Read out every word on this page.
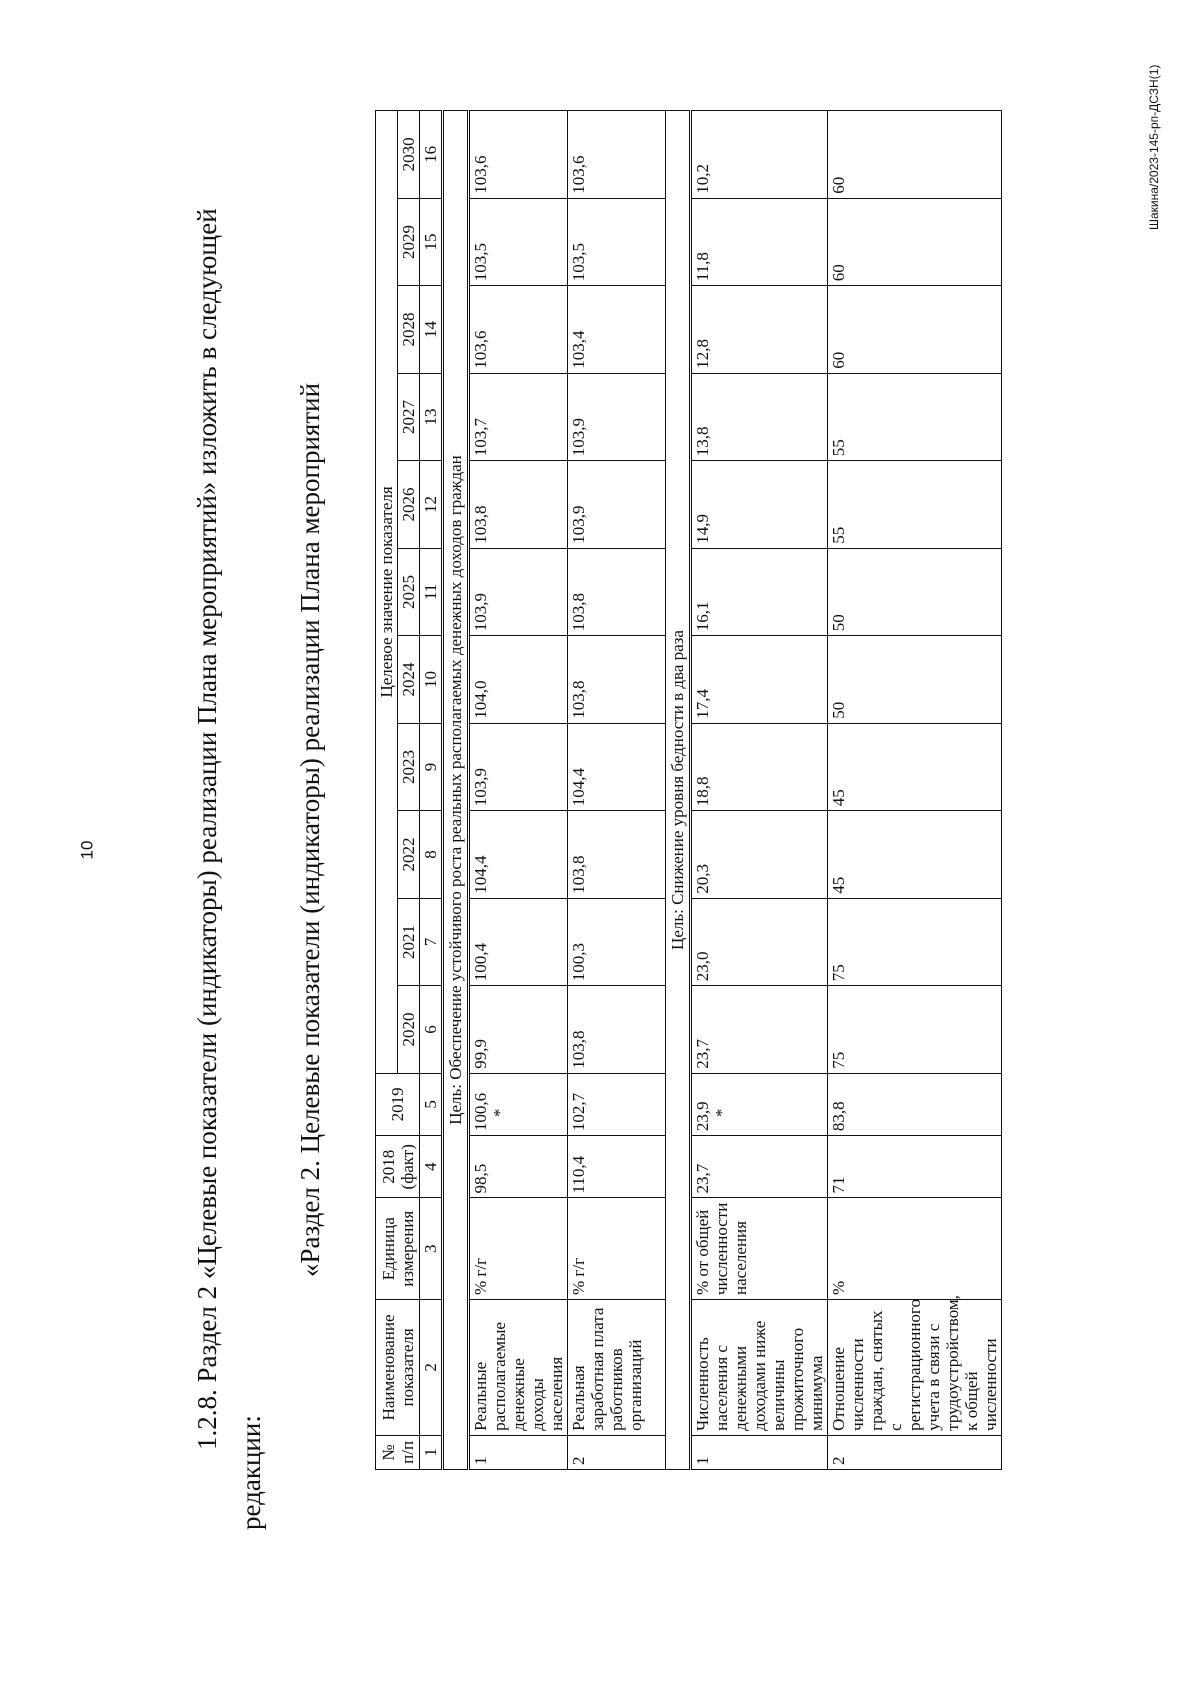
10
Шакина/2023-145-рп-ДСЗН(1)
1.2.8. Раздел 2 «Целевые показатели (индикаторы) реализации Плана мероприятий» изложить в следующей редакции:
«Раздел 2. Целевые показатели (индикаторы) реализации Плана мероприятий
№ п/п	Наименование показателя	Единица измерения	2018 (факт)	2019	Целевое значение показателя										
					2020	2021	2022	2023	2024	2025	2026	2027	2028	2029	2030
1	2	3	4	5	6	7	8	9	10	11	12	13	14	15	16
Цель: Обеспечение устойчивого роста реальных располагаемых денежных доходов граждан															
1	Реальные располагаемые денежные доходы населения	% г/г	98,5	100,6 *	99,9	100,4	104,4	103,9	104,0	103,9	103,8	103,7	103,6	103,5	103,6
2	Реальная заработная плата работников организаций	% г/г	110,4	102,7	103,8	100,3	103,8	104,4	103,8	103,8	103,9	103,9	103,4	103,5	103,6
Цель: Снижение уровня бедности в два раза															
1	Численность населения с денежными доходами ниже величины прожиточного минимума	% от общей численности населения	23,7	23,9 *	23,7	23,0	20,3	18,8	17,4	16,1	14,9	13,8	12,8	11,8	10,2
2	Отношение численности граждан, снятых с регистрационного учета в связи с трудоустройством, к общей численности	%	71	83,8	75	75	45	45	50	50	55	55	60	60	60
